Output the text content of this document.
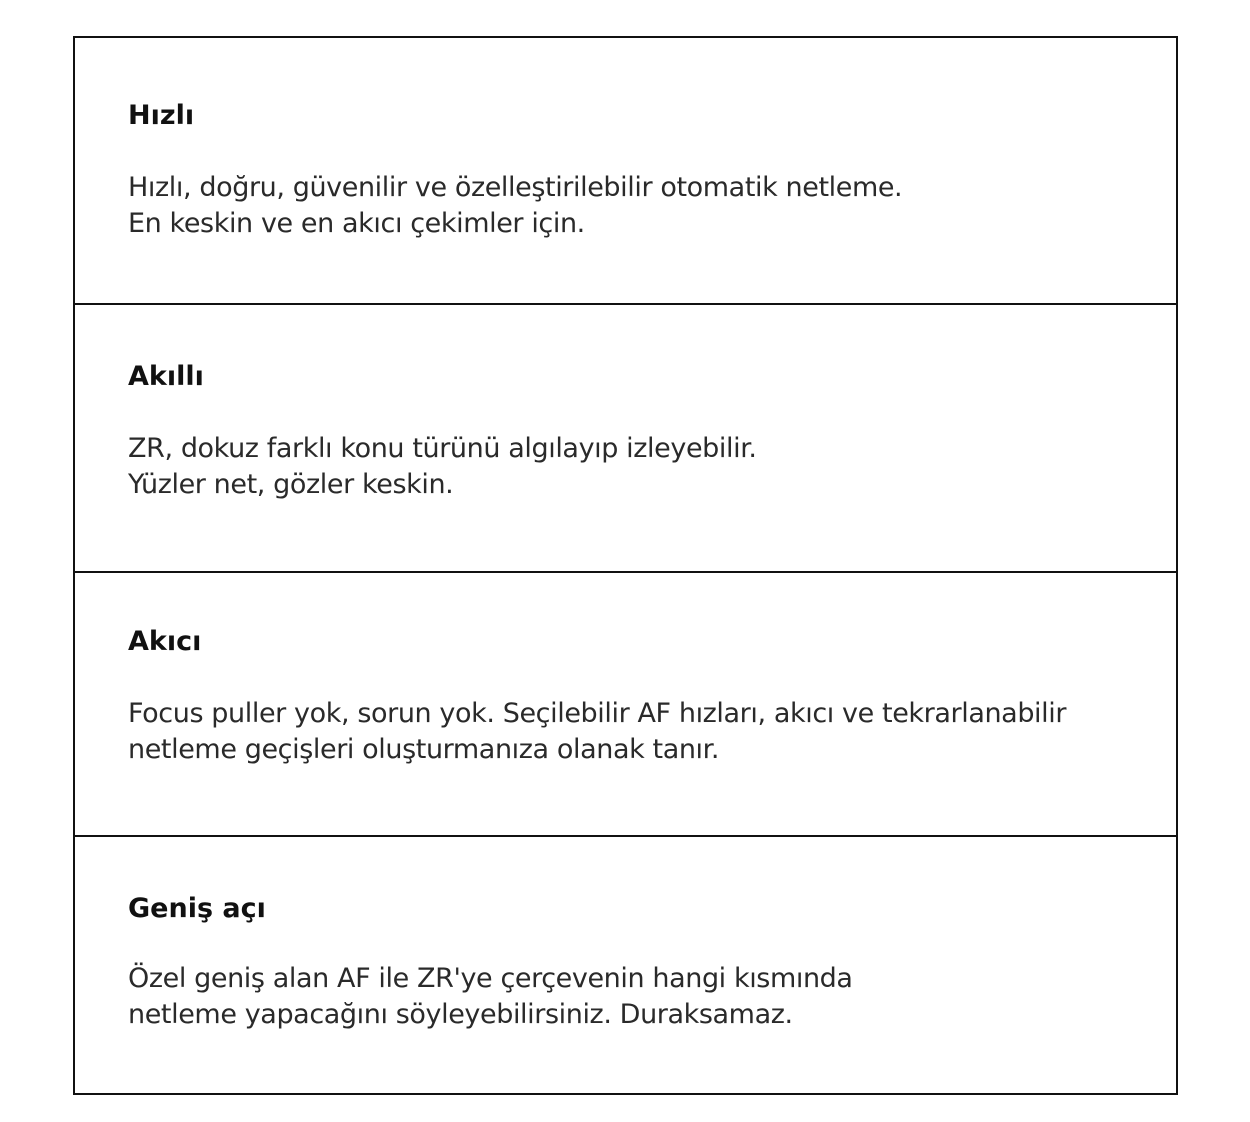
Hızlı

Hızlı, doğru, güvenilir ve özelleştirilebilir otomatik netleme.
En keskin ve en akıcı çekimler için.

Akıllı

ZR, dokuz farklı konu türünü algılayıp izleyebilir.
Yüzler net, gözler keskin.

Akıcı

Focus puller yok, sorun yok. Seçilebilir AF hızları, akıcı ve tekrarlanabilir
netleme geçişleri oluşturmanıza olanak tanır.

Geniş açı

Özel geniş alan AF ile ZR'ye çerçevenin hangi kısmında
netleme yapacağını söyleyebilirsiniz. Duraksamaz.
